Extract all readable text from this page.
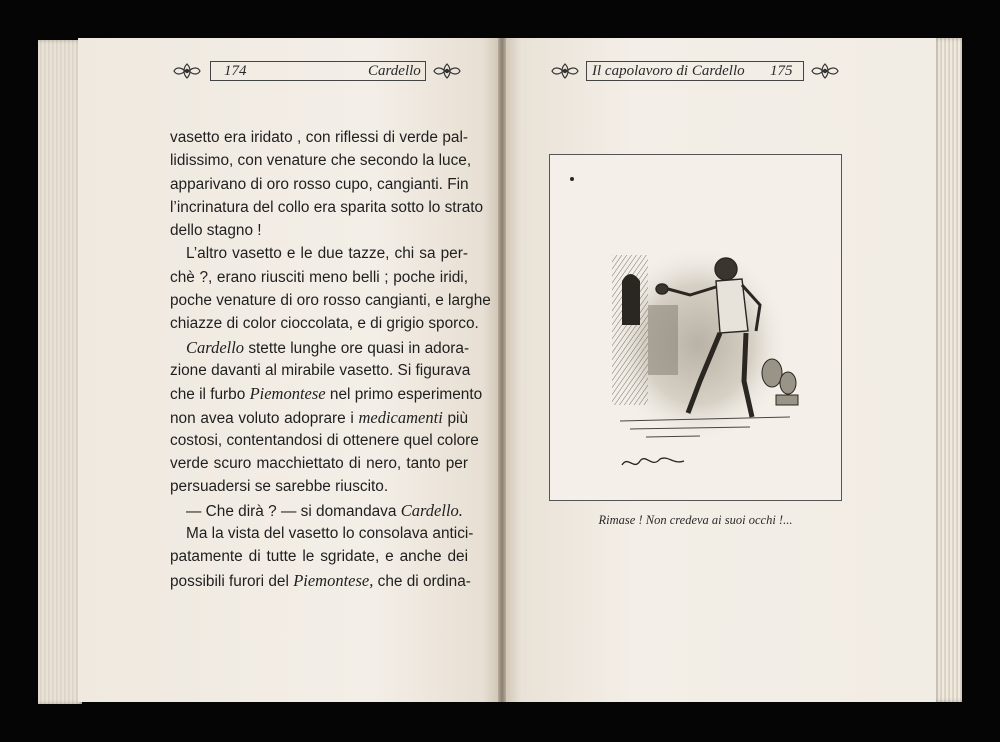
174	Cardello	Il capolavoro di Cardello 175
vasetto era iridato , con riflessi di verde pal-
lidissimo, con venature che secondo la luce,
apparivano di oro rosso cupo, cangianti. Fin
l’incrinatura del collo era sparita sotto lo strato
dello stagno !
L’altro vasetto e le due tazze, chi sa per-
chè ?, erano riusciti meno belli ; poche iridi,
poche venature di oro rosso cangianti, e larghe
chiazze di color cioccolata, e di grigio sporco.
Cardello stette lunghe ore quasi in adora-
zione davanti al mirabile vasetto. Si figurava
che il furbo Piemontese nel primo esperimento
non avea voluto adoprare i medicamenti più
costosi, contentandosi di ottenere quel colore
verde scuro macchiettato di nero, tanto per
persuadersi se sarebbe riuscito.
— Che dirà ? — si domandava Cardello.
Ma la vista del vasetto lo consolava antici-
patamente di tutte le sgridate, e anche dei
possibili furori del Piemontese, che di ordina-
Rimase ! Non credeva ai suoi occhi !...
